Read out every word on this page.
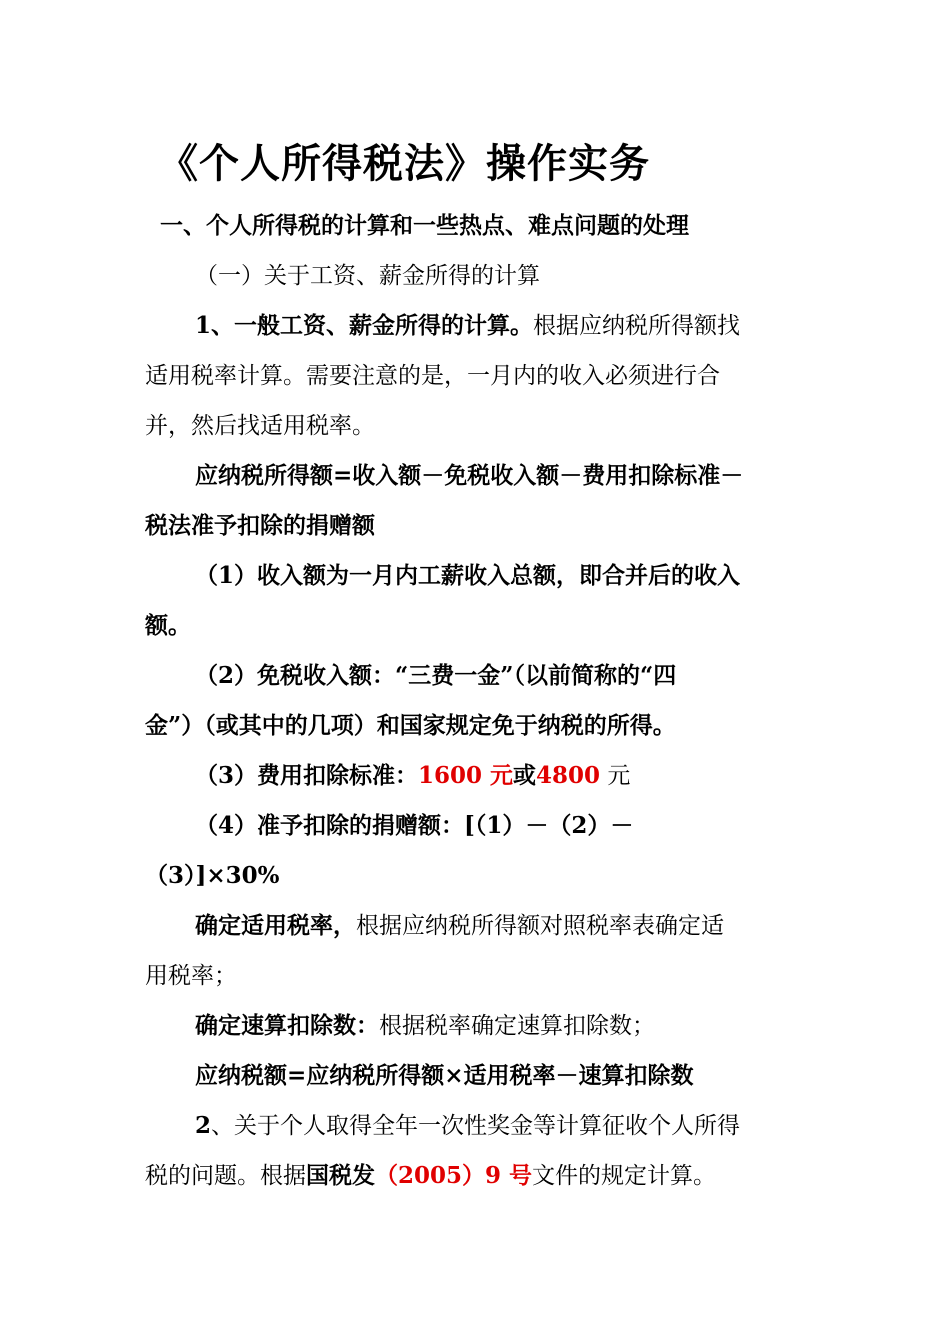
《个人所得税法》操作实务
一、个人所得税的计算和一些热点、难点问题的处理
（一）关于工资、薪金所得的计算
1、一般工资、薪金所得的计算。根据应纳税所得额找
适用税率计算。需要注意的是，一月内的收入必须进行合
并，然后找适用税率。
应纳税所得额=收入额－免税收入额－费用扣除标准－
税法准予扣除的捐赠额
（1）收入额为一月内工薪收入总额，即合并后的收入
额。
（2）免税收入额：“三费一金”（以前简称的“四
金”）（或其中的几项）和国家规定免于纳税的所得。
（3）费用扣除标准：1600 元或4800 元
（4）准予扣除的捐赠额：[（1）－（2）－
（3）]×30%
确定适用税率，根据应纳税所得额对照税率表确定适
用税率；
确定速算扣除数：根据税率确定速算扣除数；
应纳税额=应纳税所得额×适用税率－速算扣除数
2、关于个人取得全年一次性奖金等计算征收个人所得
税的问题。根据国税发（2005）9 号文件的规定计算。
